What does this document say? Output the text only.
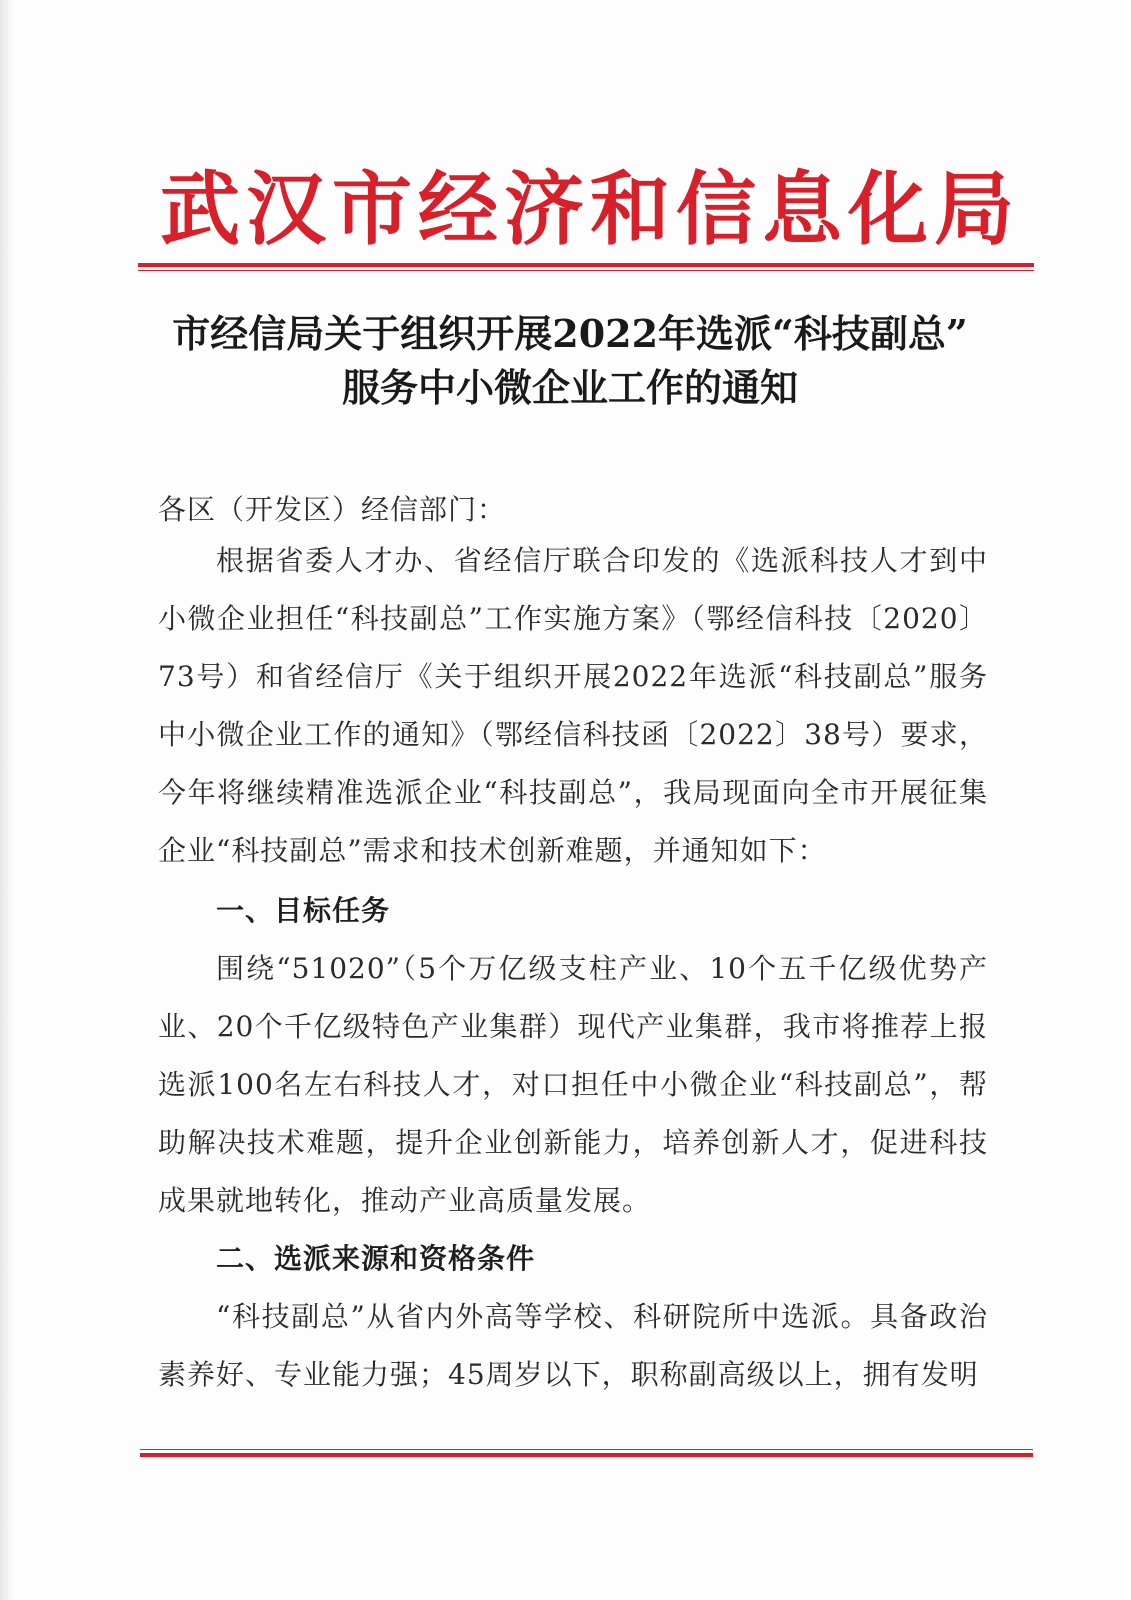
武汉市经济和信息化局
市经信局关于组织开展2022年选派“科技副总”
服务中小微企业工作的通知
各区（开发区）经信部门：
根据省委人才办、省经信厅联合印发的《选派科技人才到中小微企业担任“科技副总”工作实施方案》（鄂经信科技〔2020〕73号）和省经信厅《关于组织开展2022年选派“科技副总”服务中小微企业工作的通知》（鄂经信科技函〔2022〕38号）要求，今年将继续精准选派企业“科技副总”，我局现面向全市开展征集企业“科技副总”需求和技术创新难题，并通知如下：
一、目标任务
围绕“51020”（5个万亿级支柱产业、10个五千亿级优势产业、20个千亿级特色产业集群）现代产业集群，我市将推荐上报选派100名左右科技人才，对口担任中小微企业“科技副总”，帮助解决技术难题，提升企业创新能力，培养创新人才，促进科技成果就地转化，推动产业高质量发展。
二、选派来源和资格条件
“科技副总”从省内外高等学校、科研院所中选派。具备政治素养好、专业能力强；45周岁以下，职称副高级以上，拥有发明
